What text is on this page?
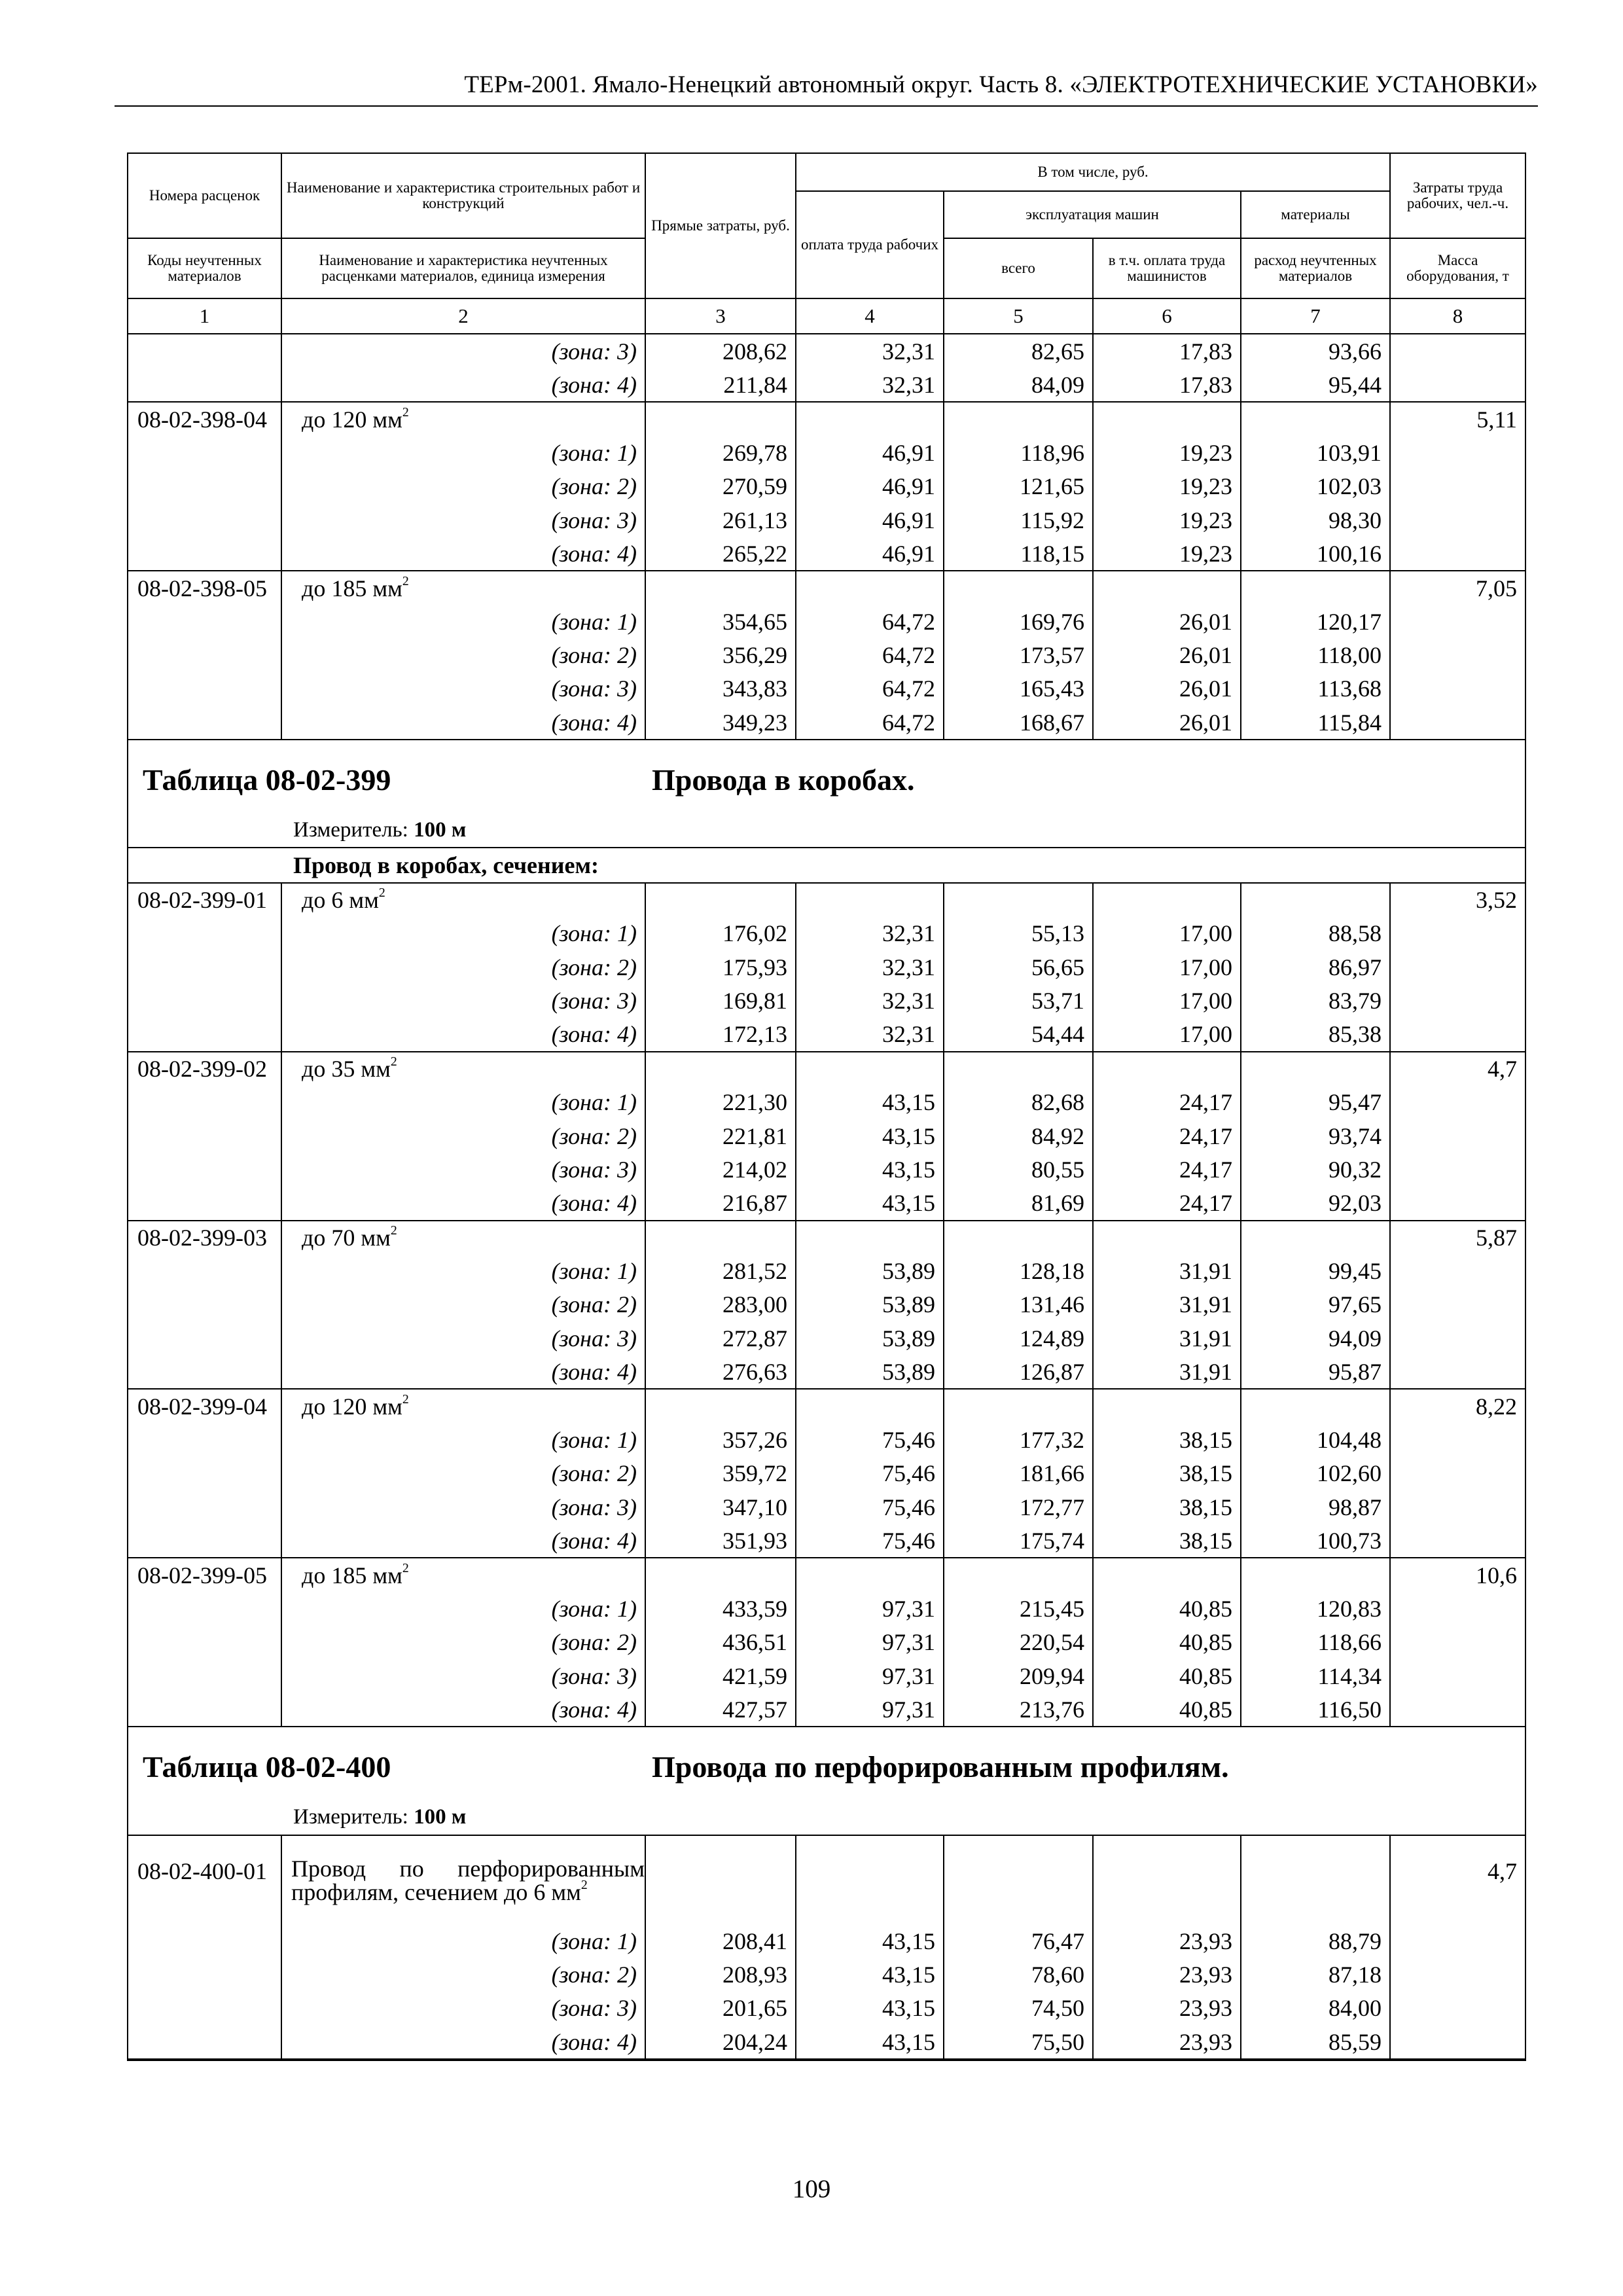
ТЕРм-2001. Ямало-Ненецкий автономный округ. Часть 8. «ЭЛЕКТРОТЕХНИЧЕСКИЕ УСТАНОВКИ»
Номера расценок	Наименование и характеристика строительных работ и конструкций	Прямые затраты, руб.	В том числе, руб.				Затраты труда рабочих, чел.-ч.
			оплата труда рабочих	эксплуатация машин		материалы	
Коды неучтенных материалов	Наименование и характеристика неучтенных расценками материалов, единица измерения			всего	в т.ч. оплата труда машинистов	расход неучтенных материалов	Масса оборудования, т
1	2	3	4	5	6	7	8
	(зона: 3)	208,62	32,31	82,65	17,83	93,66	
	(зона: 4)	211,84	32,31	84,09	17,83	95,44	
08-02-398-04	до 120 $мм^2$						5,11
	(зона: 1)	269,78	46,91	118,96	19,23	103,91	
	(зона: 2)	270,59	46,91	121,65	19,23	102,03	
	(зона: 3)	261,13	46,91	115,92	19,23	98,30	
	(зона: 4)	265,22	46,91	118,15	19,23	100,16	
08-02-398-05	до 185 $мм^2$						7,05
	(зона: 1)	354,65	64,72	169,76	26,01	120,17	
	(зона: 2)	356,29	64,72	173,57	26,01	118,00	
	(зона: 3)	343,83	64,72	165,43	26,01	113,68	
	(зона: 4)	349,23	64,72	168,67	26,01	115,84	

Таблица 08-02-399 Провода в коробах.							

Измеритель: 100 м							
Провод в коробах, сечением:							
08-02-399-01	до 6 $мм^2$						3,52
	(зона: 1)	176,02	32,31	55,13	17,00	88,58	
	(зона: 2)	175,93	32,31	56,65	17,00	86,97	
	(зона: 3)	169,81	32,31	53,71	17,00	83,79	
	(зона: 4)	172,13	32,31	54,44	17,00	85,38	
08-02-399-02	до 35 $мм^2$						4,7
	(зона: 1)	221,30	43,15	82,68	24,17	95,47	
	(зона: 2)	221,81	43,15	84,92	24,17	93,74	
	(зона: 3)	214,02	43,15	80,55	24,17	90,32	
	(зона: 4)	216,87	43,15	81,69	24,17	92,03	
08-02-399-03	до 70 $мм^2$						5,87
	(зона: 1)	281,52	53,89	128,18	31,91	99,45	
	(зона: 2)	283,00	53,89	131,46	31,91	97,65	
	(зона: 3)	272,87	53,89	124,89	31,91	94,09	
	(зона: 4)	276,63	53,89	126,87	31,91	95,87	
08-02-399-04	до 120 $мм^2$						8,22
	(зона: 1)	357,26	75,46	177,32	38,15	104,48	
	(зона: 2)	359,72	75,46	181,66	38,15	102,60	
	(зона: 3)	347,10	75,46	172,77	38,15	98,87	
	(зона: 4)	351,93	75,46	175,74	38,15	100,73	
08-02-399-05	до 185 $мм^2$						10,6
	(зона: 1)	433,59	97,31	215,45	40,85	120,83	
	(зона: 2)	436,51	97,31	220,54	40,85	118,66	
	(зона: 3)	421,59	97,31	209,94	40,85	114,34	
	(зона: 4)	427,57	97,31	213,76	40,85	116,50	

Таблица 08-02-400 Провода по перфорированным профилям.							

Измеритель: 100 м							
08-02-400-01	Провод по перфорированным профилям, сечением до 6 $мм^2$						4,7
	(зона: 1)	208,41	43,15	76,47	23,93	88,79	
	(зона: 2)	208,93	43,15	78,60	23,93	87,18	
	(зона: 3)	201,65	43,15	74,50	23,93	84,00	
	(зона: 4)	204,24	43,15	75,50	23,93	85,59	
109
